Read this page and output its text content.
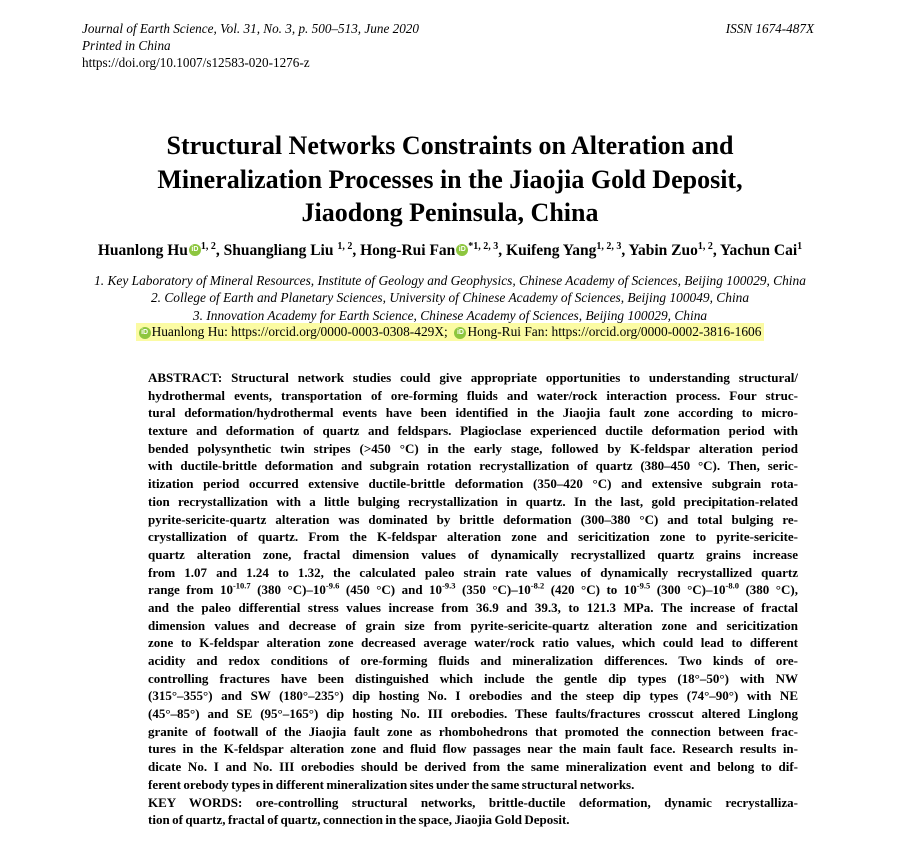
Journal of Earth Science, Vol. 31, No. 3, p. 500–513, June 2020
Printed in China
https://doi.org/10.1007/s12583-020-1276-z
ISSN 1674-487X
Structural Networks Constraints on Alteration and
Mineralization Processes in the Jiaojia Gold Deposit,
Jiaodong Peninsula, China
Huanlong Hu iD $^{1, 2}$, Shuangliang Liu $^{1, 2}$, Hong-Rui Fan iD $^{*1, 2, 3}$, Kuifeng Yang$^{1, 2, 3}$, Yabin Zuo$^{1, 2}$, Yachun Cai$^1$
1. Key Laboratory of Mineral Resources, Institute of Geology and Geophysics, Chinese Academy of Sciences, Beijing 100029, China
2. College of Earth and Planetary Sciences, University of Chinese Academy of Sciences, Beijing 100049, China
3. Innovation Academy for Earth Science, Chinese Academy of Sciences, Beijing 100029, China
iD Huanlong Hu: https://orcid.org/0000-0003-0308-429X;  iD Hong-Rui Fan: https://orcid.org/0000-0002-3816-1606
ABSTRACT: Structural network studies could give appropriate opportunities to understanding structural/
hydrothermal events, transportation of ore-forming fluids and water/rock interaction process. Four struc-
tural deformation/hydrothermal events have been identified in the Jiaojia fault zone according to micro-
texture and deformation of quartz and feldspars. Plagioclase experienced ductile deformation period with
bended polysynthetic twin stripes (>450 °C) in the early stage, followed by K-feldspar alteration period
with ductile-brittle deformation and subgrain rotation recrystallization of quartz (380–450 °C). Then, seric-
itization period occurred extensive ductile-brittle deformation (350–420 °C) and extensive subgrain rota-
tion recrystallization with a little bulging recrystallization in quartz. In the last, gold precipitation-related
pyrite-sericite-quartz alteration was dominated by brittle deformation (300–380 °C) and total bulging re-
crystallization of quartz. From the K-feldspar alteration zone and sericitization zone to pyrite-sericite-
quartz alteration zone, fractal dimension values of dynamically recrystallized quartz grains increase
from 1.07 and 1.24 to 1.32, the calculated paleo strain rate values of dynamically recrystallized quartz
range from $10^{-10.7}$ (380 $^\circ C)-10^{-9.6}$ (450 °C) and $10^{-9.3}$ (350 $^\circ C)-10^{-8.2}$ (420 °C) to $10^{-9.5}$ (300 $^\circ C)-10^{-8.0}$ (380 °C),
and the paleo differential stress values increase from 36.9 and 39.3, to 121.3 MPa. The increase of fractal
dimension values and decrease of grain size from pyrite-sericite-quartz alteration zone and sericitization
zone to K-feldspar alteration zone decreased average water/rock ratio values, which could lead to different
acidity and redox conditions of ore-forming fluids and mineralization differences. Two kinds of ore-
controlling fractures have been distinguished which include the gentle dip types (18°–50°) with NW
(315°–355°) and SW (180°–235°) dip hosting No. I orebodies and the steep dip types (74°–90°) with NE
(45°–85°) and SE (95°–165°) dip hosting No. III orebodies. These faults/fractures crosscut altered Linglong
granite of footwall of the Jiaojia fault zone as rhombohedrons that promoted the connection between frac-
tures in the K-feldspar alteration zone and fluid flow passages near the main fault face. Research results in-
dicate No. I and No. III orebodies should be derived from the same mineralization event and belong to dif-
ferent orebody types in different mineralization sites under the same structural networks.
KEY WORDS: ore-controlling structural networks, brittle-ductile deformation, dynamic recrystalliza-
tion of quartz, fractal of quartz, connection in the space, Jiaojia Gold Deposit.
